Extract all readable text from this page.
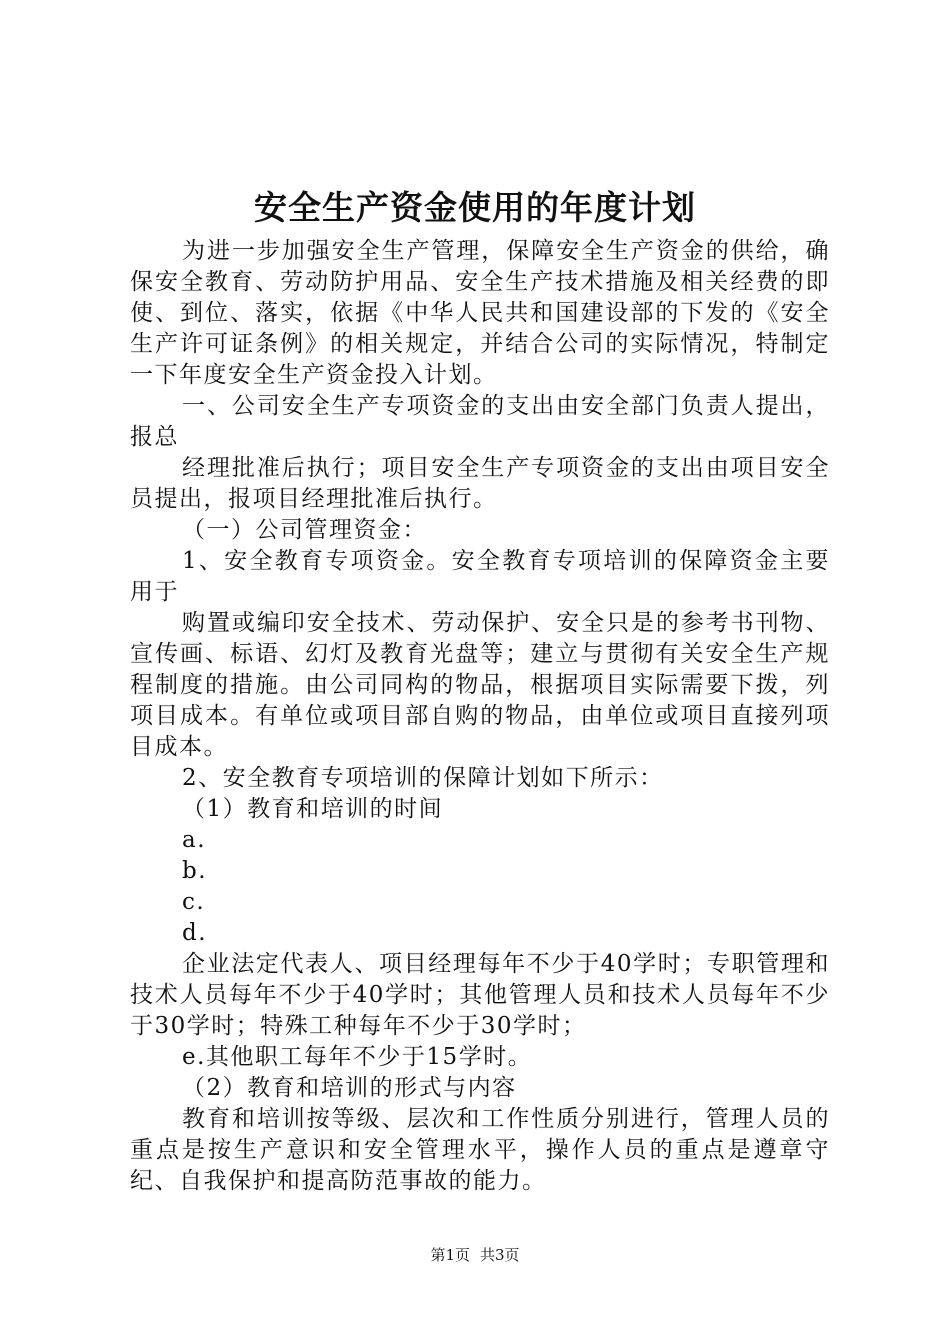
安全生产资金使用的年度计划

为进一步加强安全生产管理，保障安全生产资金的供给，确保安全教育、劳动防护用品、安全生产技术措施及相关经费的即使、到位、落实，依据《中华人民共和国建设部的下发的《安全生产许可证条例》的相关规定，并结合公司的实际情况，特制定一下年度安全生产资金投入计划。

一、公司安全生产专项资金的支出由安全部门负责人提出，报总

经理批准后执行；项目安全生产专项资金的支出由项目安全员提出，报项目经理批准后执行。

（一）公司管理资金：

1、安全教育专项资金。安全教育专项培训的保障资金主要用于

购置或编印安全技术、劳动保护、安全只是的参考书刊物、宣传画、标语、幻灯及教育光盘等；建立与贯彻有关安全生产规程制度的措施。由公司同构的物品，根据项目实际需要下拨，列项目成本。有单位或项目部自购的物品，由单位或项目直接列项目成本。

2、安全教育专项培训的保障计划如下所示：

（1）教育和培训的时间

a.

b.

c.

d.

企业法定代表人、项目经理每年不少于40学时；专职管理和技术人员每年不少于40学时；其他管理人员和技术人员每年不少于30学时；特殊工种每年不少于30学时；

e.其他职工每年不少于15学时。

（2）教育和培训的形式与内容

教育和培训按等级、层次和工作性质分别进行，管理人员的重点是按生产意识和安全管理水平，操作人员的重点是遵章守纪、自我保护和提高防范事故的能力。

第1页 共3页
